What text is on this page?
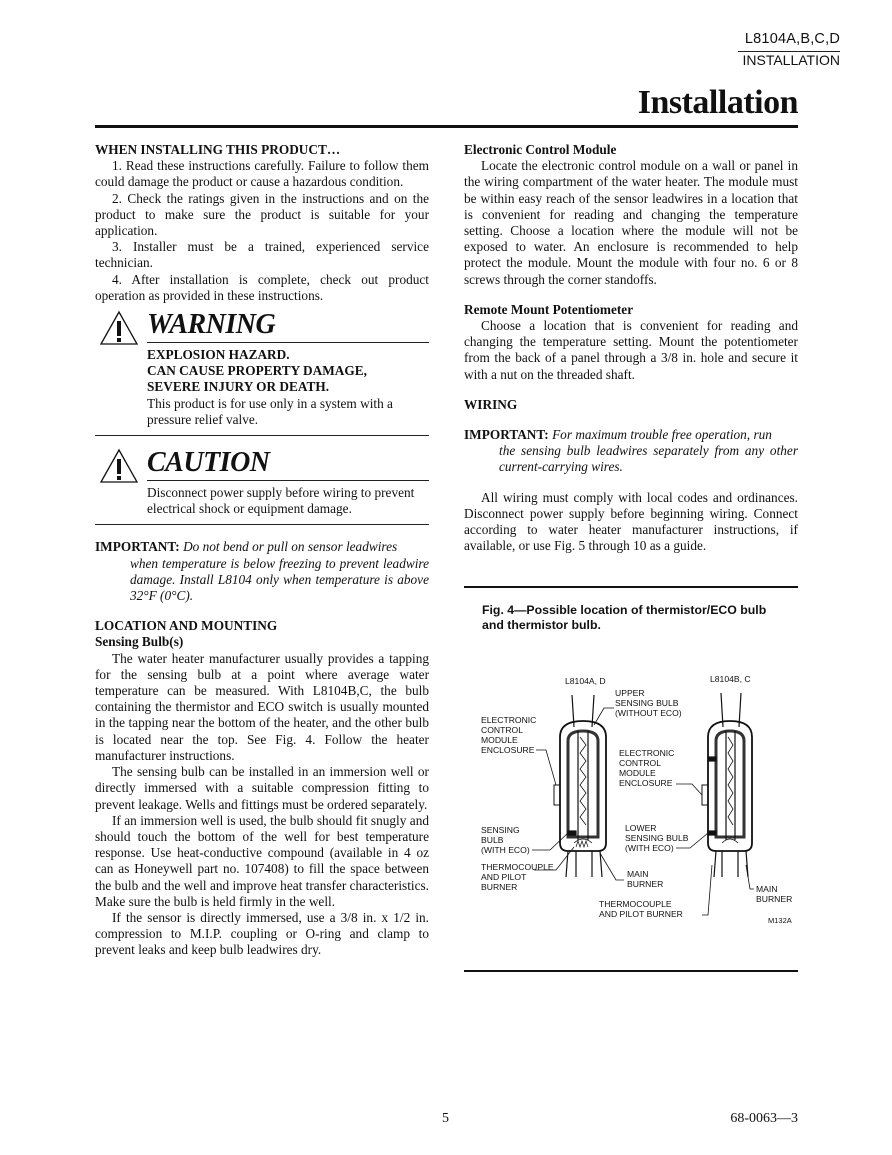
L8104A,B,C,D
INSTALLATION
Installation
WHEN INSTALLING THIS PRODUCT…

1. Read these instructions carefully. Failure to follow them could damage the product or cause a hazardous condition.

2. Check the ratings given in the instructions and on the product to make sure the product is suitable for your application.

3. Installer must be a trained, experienced service technician.

4. After installation is complete, check out product operation as provided in these instructions.

WARNING
EXPLOSION HAZARD.
CAN CAUSE PROPERTY DAMAGE,
SEVERE INJURY OR DEATH.

This product is for use only in a system with a pressure relief valve.

CAUTION

Disconnect power supply before wiring to prevent electrical shock or equipment damage.

IMPORTANT: Do not bend or pull on sensor leadwires

when temperature is below freezing to prevent leadwire damage. Install L8104 only when temperature is above 32°F (0°C).

LOCATION AND MOUNTING
Sensing Bulb(s)

The water heater manufacturer usually provides a tapping for the sensing bulb at a point where average water temperature can be measured. With L8104B,C, the bulb containing the thermistor and ECO switch is usually mounted in the tapping near the bottom of the heater, and the other bulb is located near the top. See Fig. 4. Follow the heater manufacturer instructions.

The sensing bulb can be installed in an immersion well or directly immersed with a suitable compression fitting to prevent leakage. Wells and fittings must be ordered separately.

If an immersion well is used, the bulb should fit snugly and should touch the bottom of the well for best temperature response. Use heat-conductive compound (available in 4 oz can as Honeywell part no. 107408) to fill the space between the bulb and the well and improve heat transfer characteristics. Make sure the bulb is held firmly in the well.

If the sensor is directly immersed, use a 3/8 in. x 1/2 in. compression to M.I.P. coupling or O-ring and clamp to prevent leaks and keep bulb leadwires dry.

Electronic Control Module

Locate the electronic control module on a wall or panel in the wiring compartment of the water heater. The module must be within easy reach of the sensor leadwires in a location that is convenient for reading and changing the temperature setting. Choose a location where the module will not be exposed to water. An enclosure is recommended to help protect the module. Mount the module with four no. 6 or 8 screws through the corner standoffs.

Remote Mount Potentiometer

Choose a location that is convenient for reading and changing the temperature setting. Mount the potentiometer from the back of a panel through a 3/8 in. hole and secure it with a nut on the threaded shaft.

WIRING
IMPORTANT: For maximum trouble free operation, run

the sensing bulb leadwires separately from any other current-carrying wires.

All wiring must comply with local codes and ordinances. Disconnect power supply before beginning wiring. Connect according to water heater manufacturer instructions, if available, or use Fig. 5 through 10 as a guide.

Fig. 4—Possible location of thermistor/ECO bulb and thermistor bulb.
L8104A, D	L8104B, C
UPPER SENSING BULB (WITHOUT ECO)
ELECTRONIC CONTROL MODULE ENCLOSURE	ELECTRONIC CONTROL MODULE ENCLOSURE
SENSING BULB (WITH ECO)
LOWER SENSING BULB (WITH ECO)
THERMOCOUPLE AND PILOT BURNER
MAIN BURNER	MAIN BURNER
THERMOCOUPLE AND PILOT BURNER
M132A
5	68-0063—3
